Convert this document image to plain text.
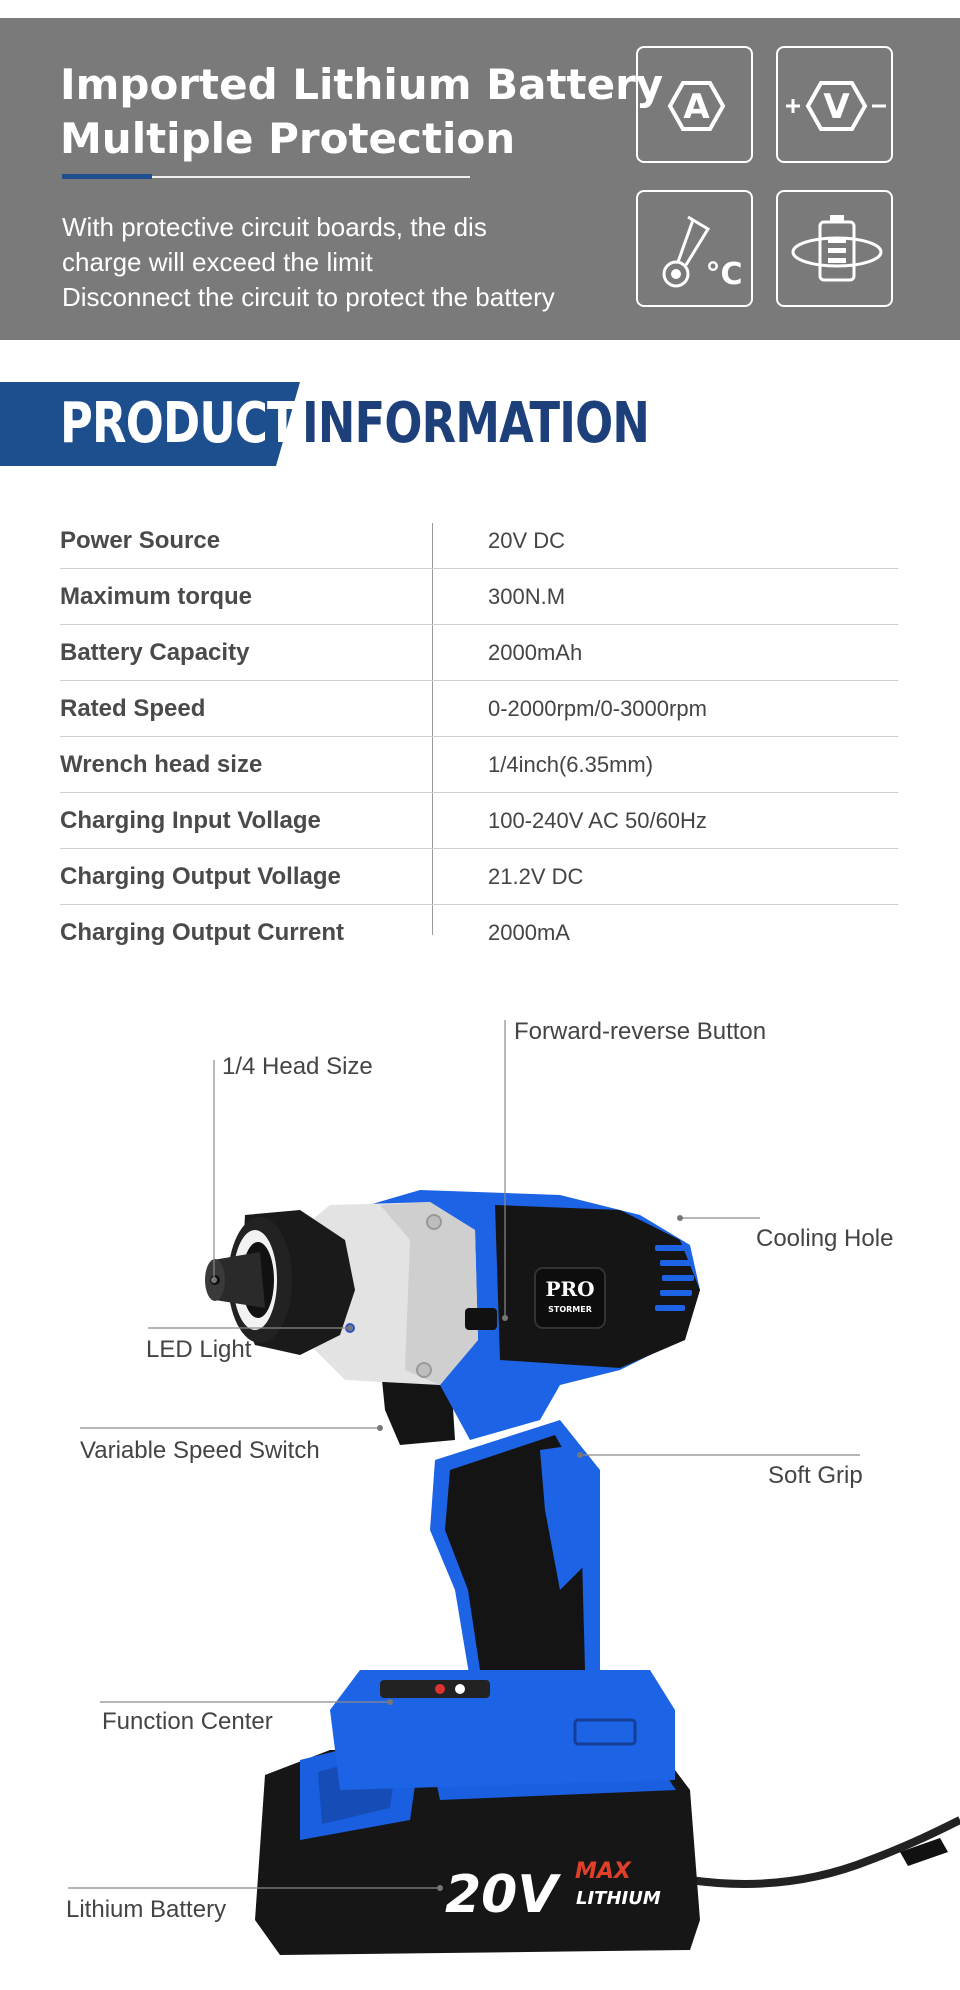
Imported Lithium Battery
Multiple Protection

With protective circuit boards, the dis
charge will exceed the limit
Disconnect the circuit to protect the battery

A	V
°C
PRODUCT INFORMATION
Power Source	20V DC
Maximum torque	300N.M
Battery Capacity	2000mAh
Rated Speed	0-2000rpm/0-3000rpm
Wrench head size	1/4inch(6.35mm)
Charging Input Vollage	100-240V AC 50/60Hz
Charging Output Vollage	21.2V DC
Charging Output Current	2000mA
PRO
STORMER
20V MAX
LITHIUM

1/4 Head Size

Forward-reverse Button

Cooling Hole

LED Light

Variable Speed Switch

Soft Grip

Function Center

Lithium Battery
